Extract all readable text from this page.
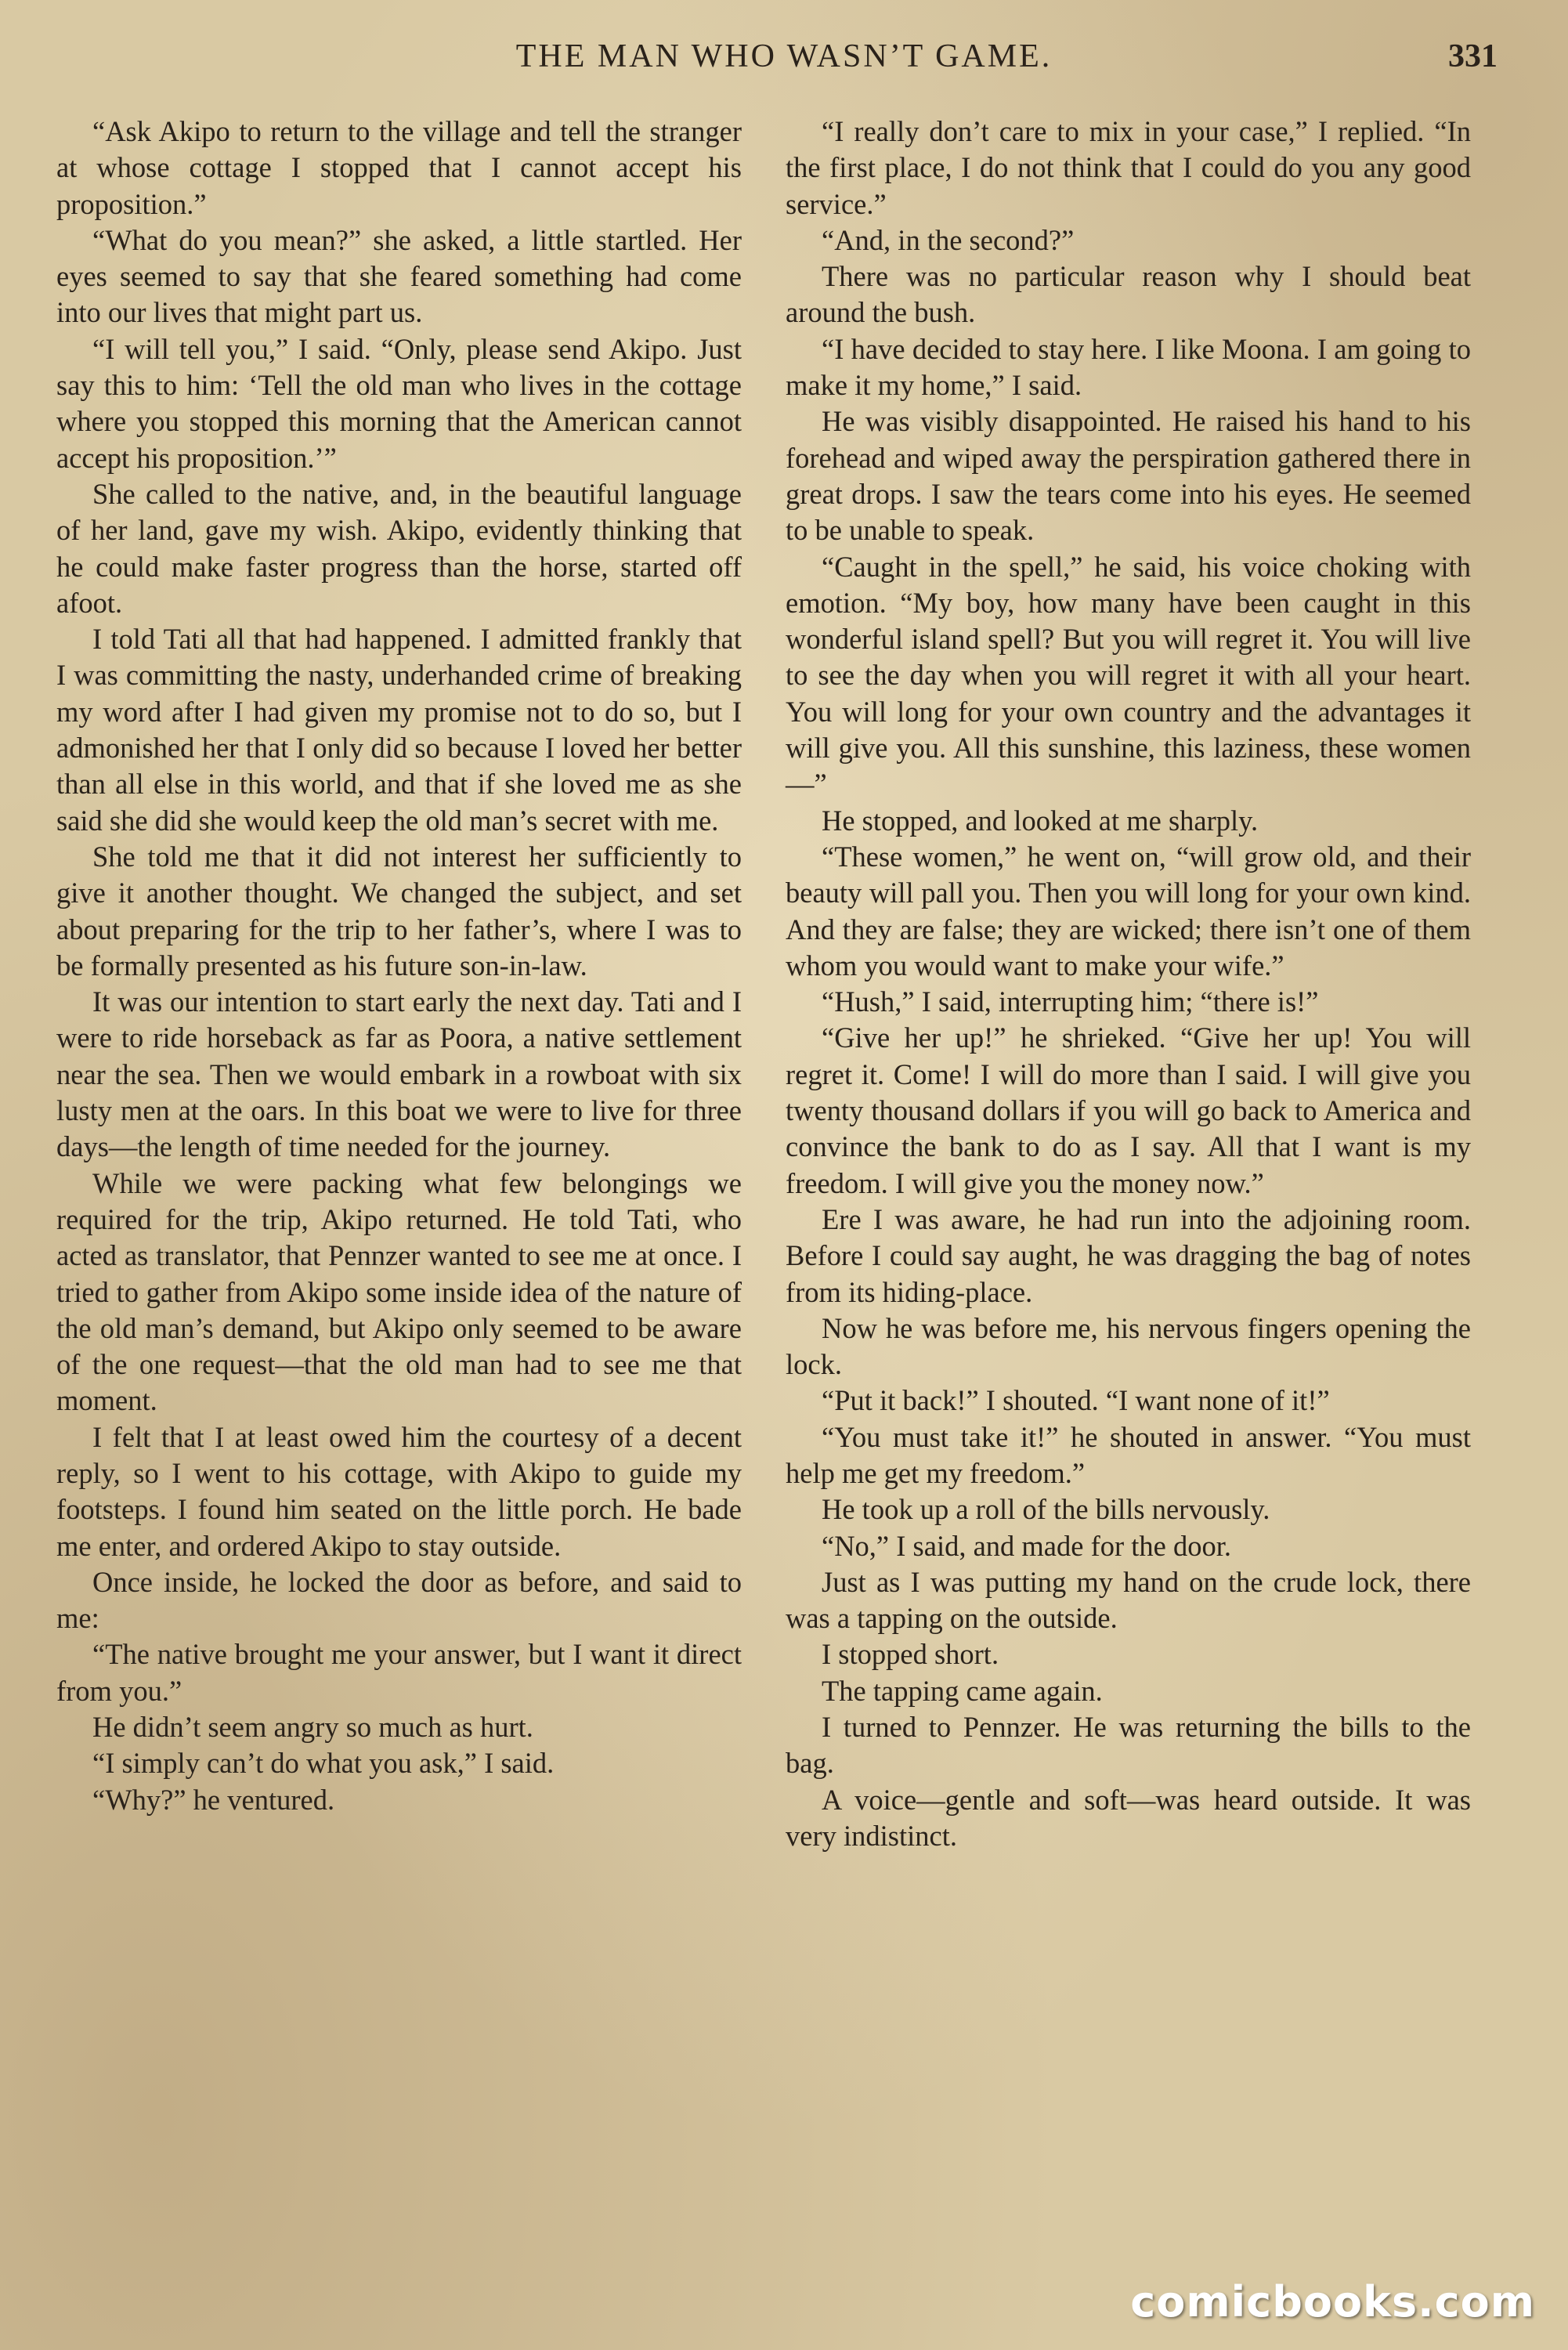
THE MAN WHO WASN’T GAME.	331

“Ask Akipo to return to the village and tell the stranger at whose cottage I stopped that I cannot accept his proposition.”

“What do you mean?” she asked, a little startled. Her eyes seemed to say that she feared something had come into our lives that might part us.

“I will tell you,” I said. “Only, please send Akipo. Just say this to him: ‘Tell the old man who lives in the cottage where you stopped this morning that the American cannot accept his proposition.’”

She called to the native, and, in the beautiful language of her land, gave my wish. Akipo, evidently thinking that he could make faster progress than the horse, started off afoot.

I told Tati all that had happened. I admitted frankly that I was committing the nasty, underhanded crime of breaking my word after I had given my promise not to do so, but I admonished her that I only did so because I loved her better than all else in this world, and that if she loved me as she said she did she would keep the old man’s secret with me.

She told me that it did not interest her sufficiently to give it another thought. We changed the subject, and set about preparing for the trip to her father’s, where I was to be formally presented as his future son-in-law.

It was our intention to start early the next day. Tati and I were to ride horseback as far as Poora, a native settlement near the sea. Then we would embark in a rowboat with six lusty men at the oars. In this boat we were to live for three days—the length of time needed for the journey.

While we were packing what few belongings we required for the trip, Akipo returned. He told Tati, who acted as translator, that Pennzer wanted to see me at once. I tried to gather from Akipo some inside idea of the nature of the old man’s demand, but Akipo only seemed to be aware of the one request—that the old man had to see me that moment.

I felt that I at least owed him the courtesy of a decent reply, so I went to his cottage, with Akipo to guide my footsteps. I found him seated on the little porch. He bade me enter, and ordered Akipo to stay outside.

Once inside, he locked the door as before, and said to me:

“The native brought me your answer, but I want it direct from you.”

He didn’t seem angry so much as hurt.

“I simply can’t do what you ask,” I said.

“Why?” he ventured.

“I really don’t care to mix in your case,” I replied. “In the first place, I do not think that I could do you any good service.”

“And, in the second?”

There was no particular reason why I should beat around the bush.

“I have decided to stay here. I like Moona. I am going to make it my home,” I said.

He was visibly disappointed. He raised his hand to his forehead and wiped away the perspiration gathered there in great drops. I saw the tears come into his eyes. He seemed to be unable to speak.

“Caught in the spell,” he said, his voice choking with emotion. “My boy, how many have been caught in this wonderful island spell? But you will regret it. You will live to see the day when you will regret it with all your heart. You will long for your own country and the advantages it will give you. All this sunshine, this laziness, these women—”

He stopped, and looked at me sharply.

“These women,” he went on, “will grow old, and their beauty will pall you. Then you will long for your own kind. And they are false; they are wicked; there isn’t one of them whom you would want to make your wife.”

“Hush,” I said, interrupting him; “there is!”

“Give her up!” he shrieked. “Give her up! You will regret it. Come! I will do more than I said. I will give you twenty thousand dollars if you will go back to America and convince the bank to do as I say. All that I want is my freedom. I will give you the money now.”

Ere I was aware, he had run into the adjoining room. Before I could say aught, he was dragging the bag of notes from its hiding-place.

Now he was before me, his nervous fingers opening the lock.

“Put it back!” I shouted. “I want none of it!”

“You must take it!” he shouted in answer. “You must help me get my freedom.”

He took up a roll of the bills nervously.

“No,” I said, and made for the door.

Just as I was putting my hand on the crude lock, there was a tapping on the outside.

I stopped short.

The tapping came again.

I turned to Pennzer. He was returning the bills to the bag.

A voice—gentle and soft—was heard outside. It was very indistinct.

comicbooks.com
